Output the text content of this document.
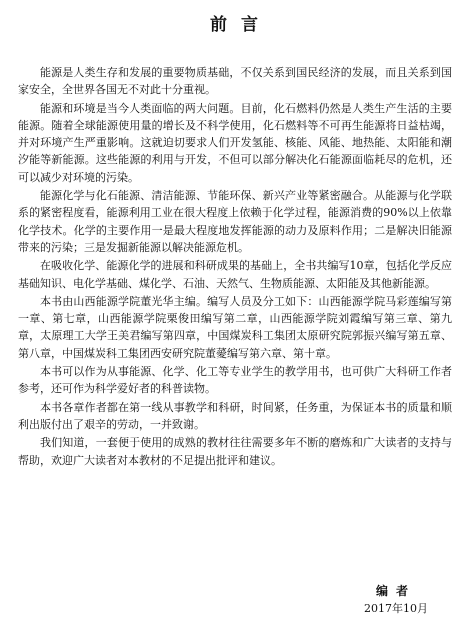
前言

能源是人类生存和发展的重要物质基础，不仅关系到国民经济的发展，而且关系到国家安全，全世界各国无不对此十分重视。

能源和环境是当今人类面临的两大问题。目前，化石燃料仍然是人类生产生活的主要能源。随着全球能源使用量的增长及不科学使用，化石燃料等不可再生能源将日益枯竭，并对环境产生严重影响。这就迫切要求人们开发氢能、核能、风能、地热能、太阳能和潮汐能等新能源。这些能源的利用与开发，不但可以部分解决化石能源面临耗尽的危机，还可以减少对环境的污染。

能源化学与化石能源、清洁能源、节能环保、新兴产业等紧密融合。从能源与化学联系的紧密程度看，能源利用工业在很大程度上依赖于化学过程，能源消费的90%以上依靠化学技术。化学的主要作用一是最大程度地发挥能源的动力及原料作用；二是解决旧能源带来的污染；三是发掘新能源以解决能源危机。

在吸收化学、能源化学的进展和科研成果的基础上，全书共编写10章，包括化学反应基础知识、电化学基础、煤化学、石油、天然气、生物质能源、太阳能及其他新能源。

本书由山西能源学院董光华主编。编写人员及分工如下：山西能源学院马彩莲编写第一章、第七章，山西能源学院栗俊田编写第二章，山西能源学院刘霞编写第三章、第九章，太原理工大学王美君编写第四章，中国煤炭科工集团太原研究院郭振兴编写第五章、第八章，中国煤炭科工集团西安研究院董薆编写第六章、第十章。

本书可以作为从事能源、化学、化工等专业学生的教学用书，也可供广大科研工作者参考，还可作为科学爱好者的科普读物。

本书各章作者都在第一线从事教学和科研，时间紧，任务重，为保证本书的质量和顺利出版付出了艰辛的劳动，一并致谢。

我们知道，一套便于使用的成熟的教材往往需要多年不断的磨炼和广大读者的支持与帮助，欢迎广大读者对本教材的不足提出批评和建议。

编者
2017年10月
